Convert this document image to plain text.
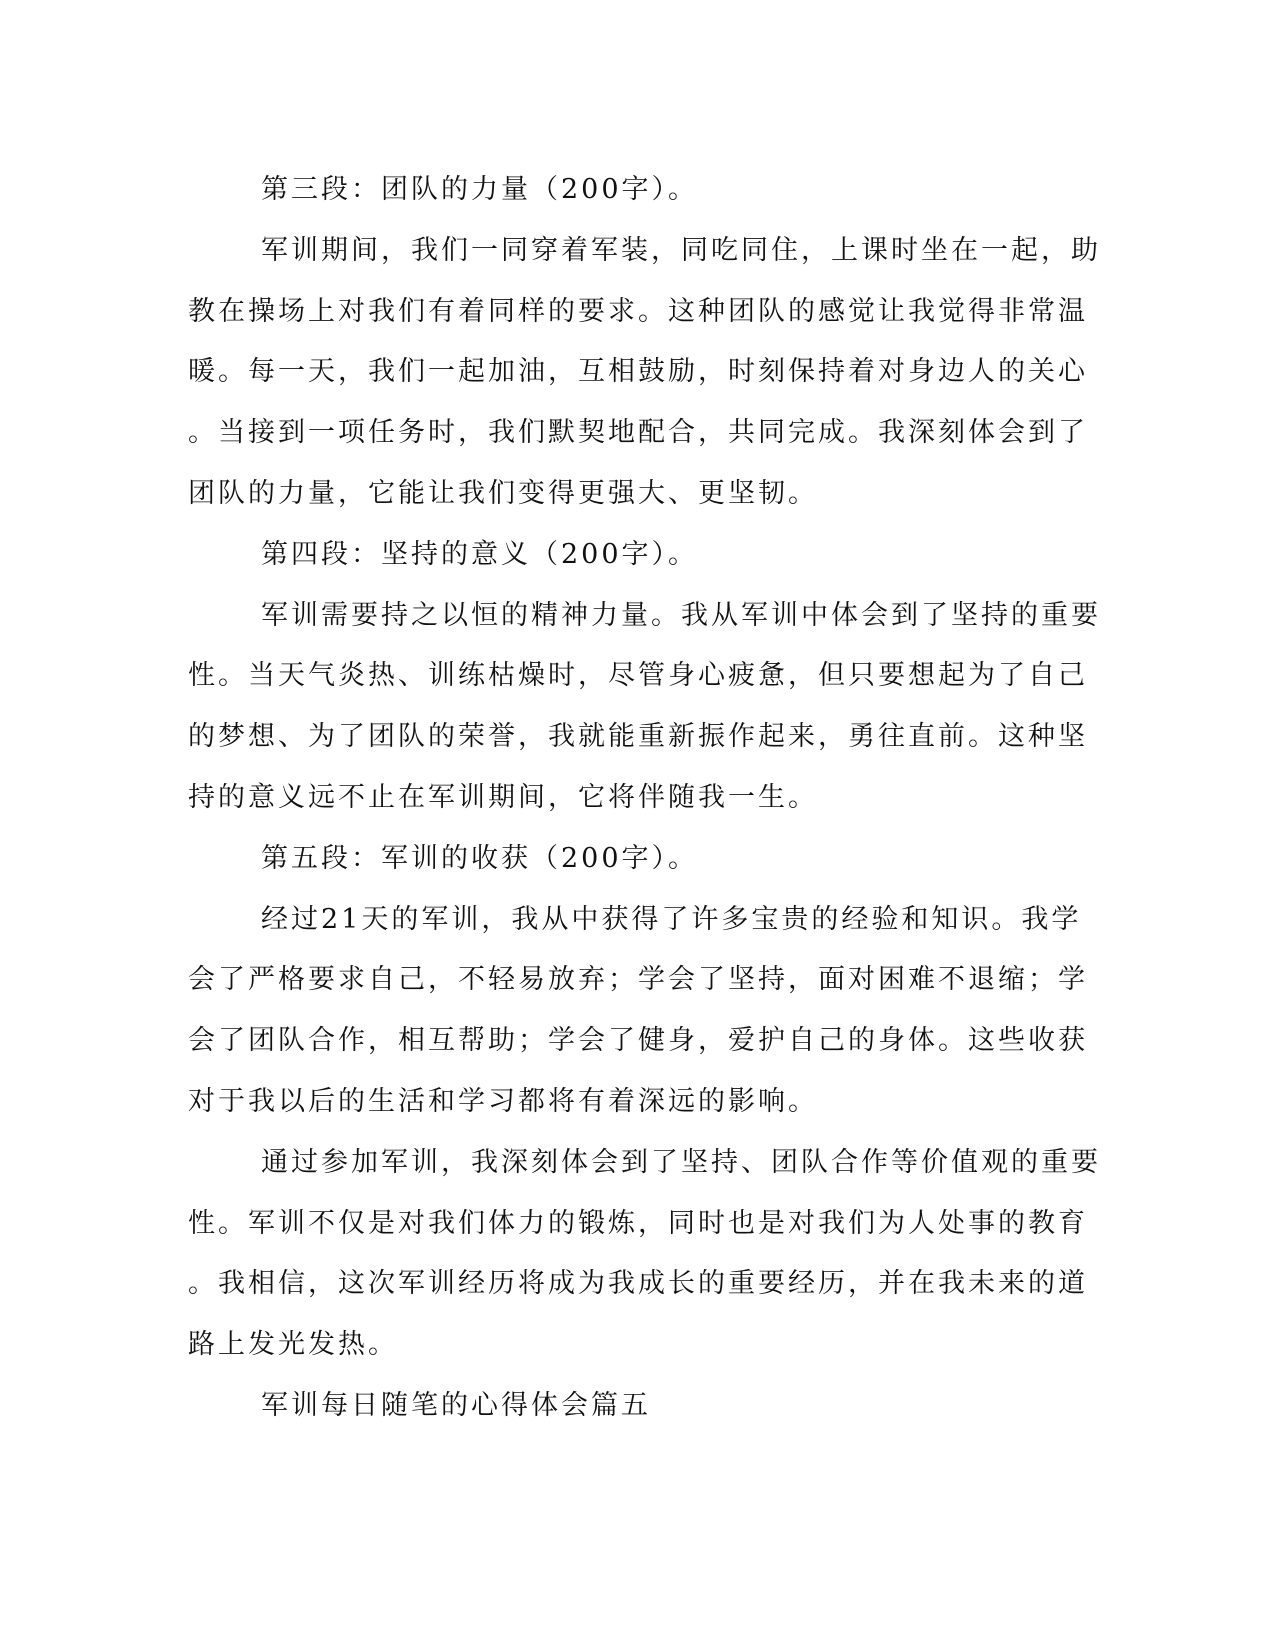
第三段：团队的力量（200字）。
军训期间，我们一同穿着军装，同吃同住，上课时坐在一起，助
教在操场上对我们有着同样的要求。这种团队的感觉让我觉得非常温
暖。每一天，我们一起加油，互相鼓励，时刻保持着对身边人的关心
。当接到一项任务时，我们默契地配合，共同完成。我深刻体会到了
团队的力量，它能让我们变得更强大、更坚韧。
第四段：坚持的意义（200字）。
军训需要持之以恒的精神力量。我从军训中体会到了坚持的重要
性。当天气炎热、训练枯燥时，尽管身心疲惫，但只要想起为了自己
的梦想、为了团队的荣誉，我就能重新振作起来，勇往直前。这种坚
持的意义远不止在军训期间，它将伴随我一生。
第五段：军训的收获（200字）。
经过21天的军训，我从中获得了许多宝贵的经验和知识。我学
会了严格要求自己，不轻易放弃；学会了坚持，面对困难不退缩；学
会了团队合作，相互帮助；学会了健身，爱护自己的身体。这些收获
对于我以后的生活和学习都将有着深远的影响。
通过参加军训，我深刻体会到了坚持、团队合作等价值观的重要
性。军训不仅是对我们体力的锻炼，同时也是对我们为人处事的教育
。我相信，这次军训经历将成为我成长的重要经历，并在我未来的道
路上发光发热。
军训每日随笔的心得体会篇五
